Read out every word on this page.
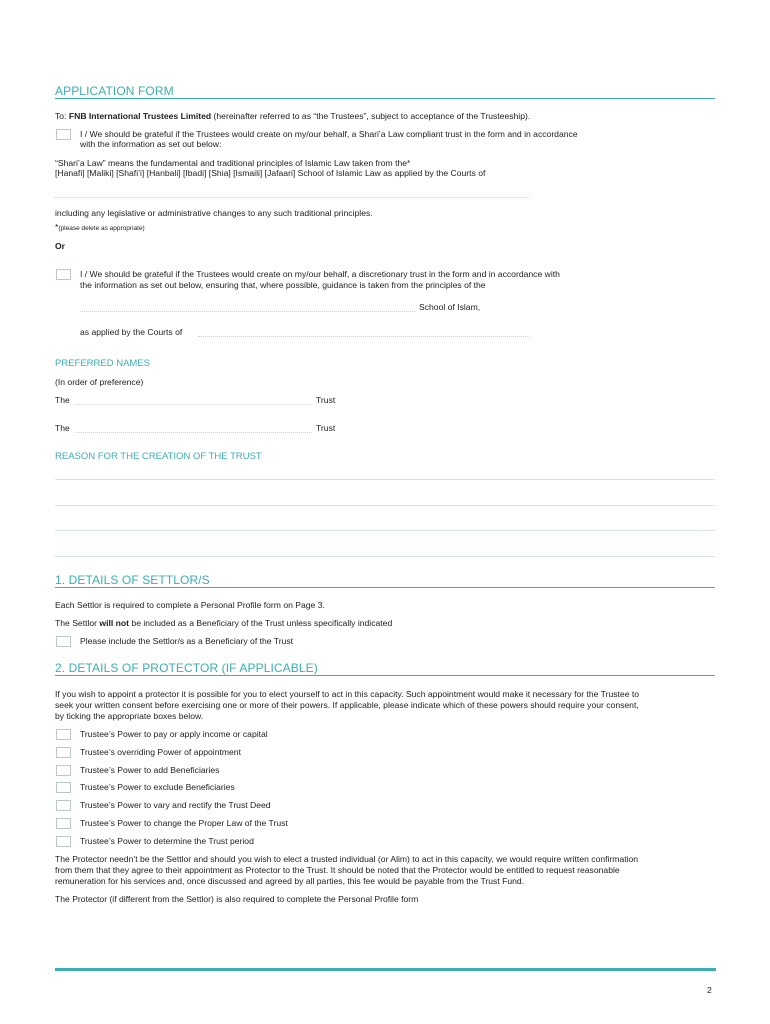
APPLICATION FORM
To: FNB International Trustees Limited (hereinafter referred to as “the Trustees”, subject to acceptance of the Trusteeship).
I / We should be grateful if the Trustees would create on my/our behalf, a Shari’a Law compliant trust in the form and in accordance
with the information as set out below:
“Shari’a Law” means the fundamental and traditional principles of Islamic Law taken from the*
[Hanafi] [Maliki] [Shafi’i] [Hanbali] [Ibadi] [Shia] [Ismaili] [Jafaari] School of Islamic Law as applied by the Courts of
including any legislative or administrative changes to any such traditional principles.
*(please delete as appropriate)
Or
I / We should be grateful if the Trustees would create on my/our behalf, a discretionary trust in the form and in accordance with
the information as set out below, ensuring that, where possible, guidance is taken from the principles of the
School of Islam,
as applied by the Courts of
PREFERRED NAMES
(In order of preference)
The	Trust
The	Trust
REASON FOR THE CREATION OF THE TRUST
1. DETAILS OF SETTLOR/S
Each Settlor is required to complete a Personal Profile form on Page 3.
The Settlor will not be included as a Beneficiary of the Trust unless specifically indicated
Please include the Settlor/s as a Beneficiary of the Trust
2. DETAILS OF PROTECTOR (IF APPLICABLE)
If you wish to appoint a protector it is possible for you to elect yourself to act in this capacity. Such appointment would make it necessary for the Trustee to
seek your written consent before exercising one or more of their powers. If applicable, please indicate which of these powers should require your consent,
by ticking the appropriate boxes below.
Trustee’s Power to pay or apply income or capital
Trustee’s overriding Power of appointment
Trustee’s Power to add Beneficiaries
Trustee’s Power to exclude Beneficiaries
Trustee’s Power to vary and rectify the Trust Deed
Trustee’s Power to change the Proper Law of the Trust
Trustee’s Power to determine the Trust period
The Protector needn’t be the Settlor and should you wish to elect a trusted individual (or Alim) to act in this capacity, we would require written confirmation
from them that they agree to their appointment as Protector to the Trust. It should be noted that the Protector would be entitled to request reasonable
remuneration for his services and, once discussed and agreed by all parties, this fee would be payable from the Trust Fund.
The Protector (if different from the Settlor) is also required to complete the Personal Profile form
2
